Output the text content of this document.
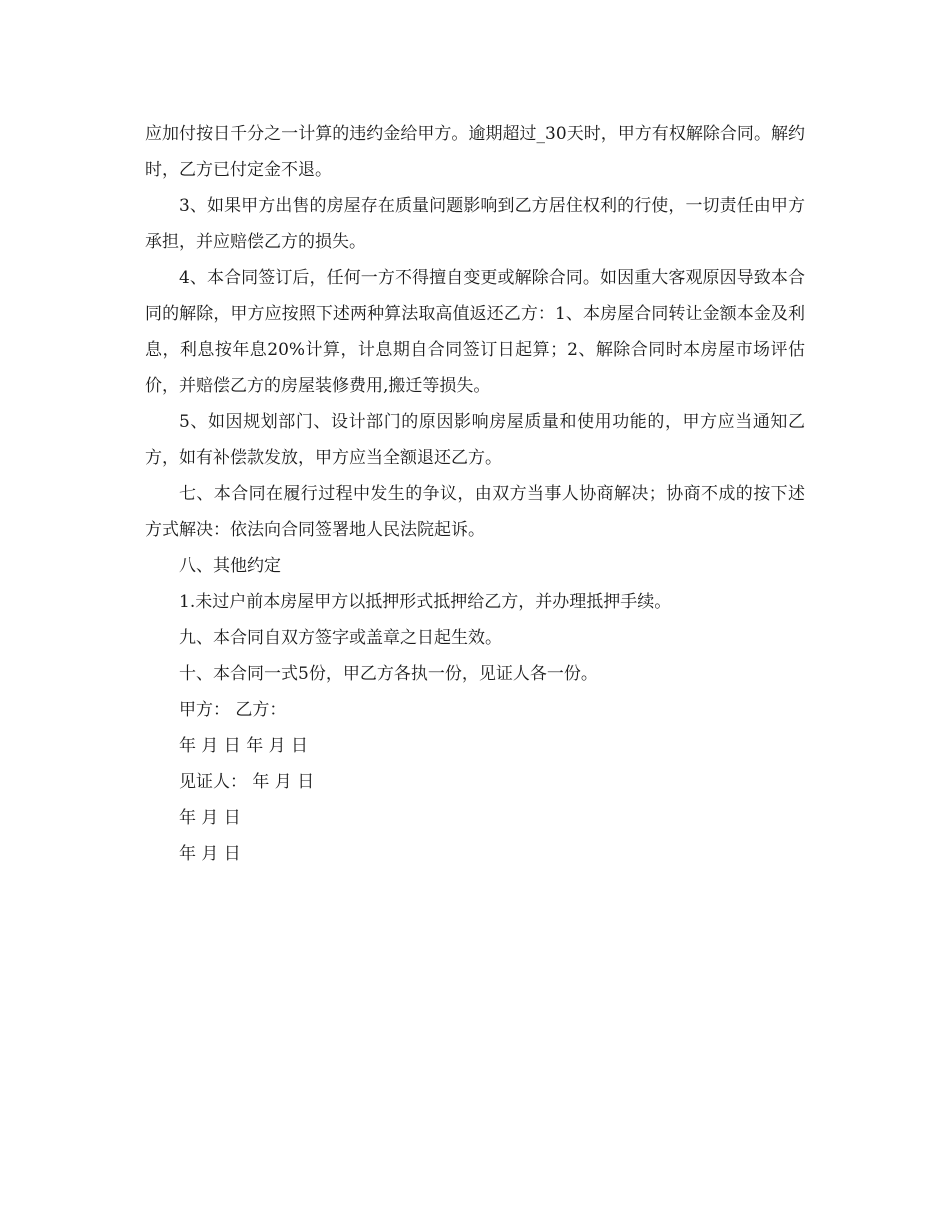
应加付按日千分之一计算的违约金给甲方。逾期超过_30天时，甲方有权解除合同。解约时，乙方已付定金不退。

3、如果甲方出售的房屋存在质量问题影响到乙方居住权利的行使，一切责任由甲方承担，并应赔偿乙方的损失。

4、本合同签订后，任何一方不得擅自变更或解除合同。如因重大客观原因导致本合同的解除，甲方应按照下述两种算法取高值返还乙方：1、本房屋合同转让金额本金及利息，利息按年息20%计算，计息期自合同签订日起算；2、解除合同时本房屋市场评估价，并赔偿乙方的房屋装修费用,搬迁等损失。

5、如因规划部门、设计部门的原因影响房屋质量和使用功能的，甲方应当通知乙方，如有补偿款发放，甲方应当全额退还乙方。

七、本合同在履行过程中发生的争议，由双方当事人协商解决；协商不成的按下述方式解决：依法向合同签署地人民法院起诉。

八、其他约定

1.未过户前本房屋甲方以抵押形式抵押给乙方，并办理抵押手续。

九、本合同自双方签字或盖章之日起生效。

十、本合同一式5份，甲乙方各执一份，见证人各一份。

甲方： 乙方：

年 月 日 年 月 日

见证人： 年 月 日

年 月 日

年 月 日
